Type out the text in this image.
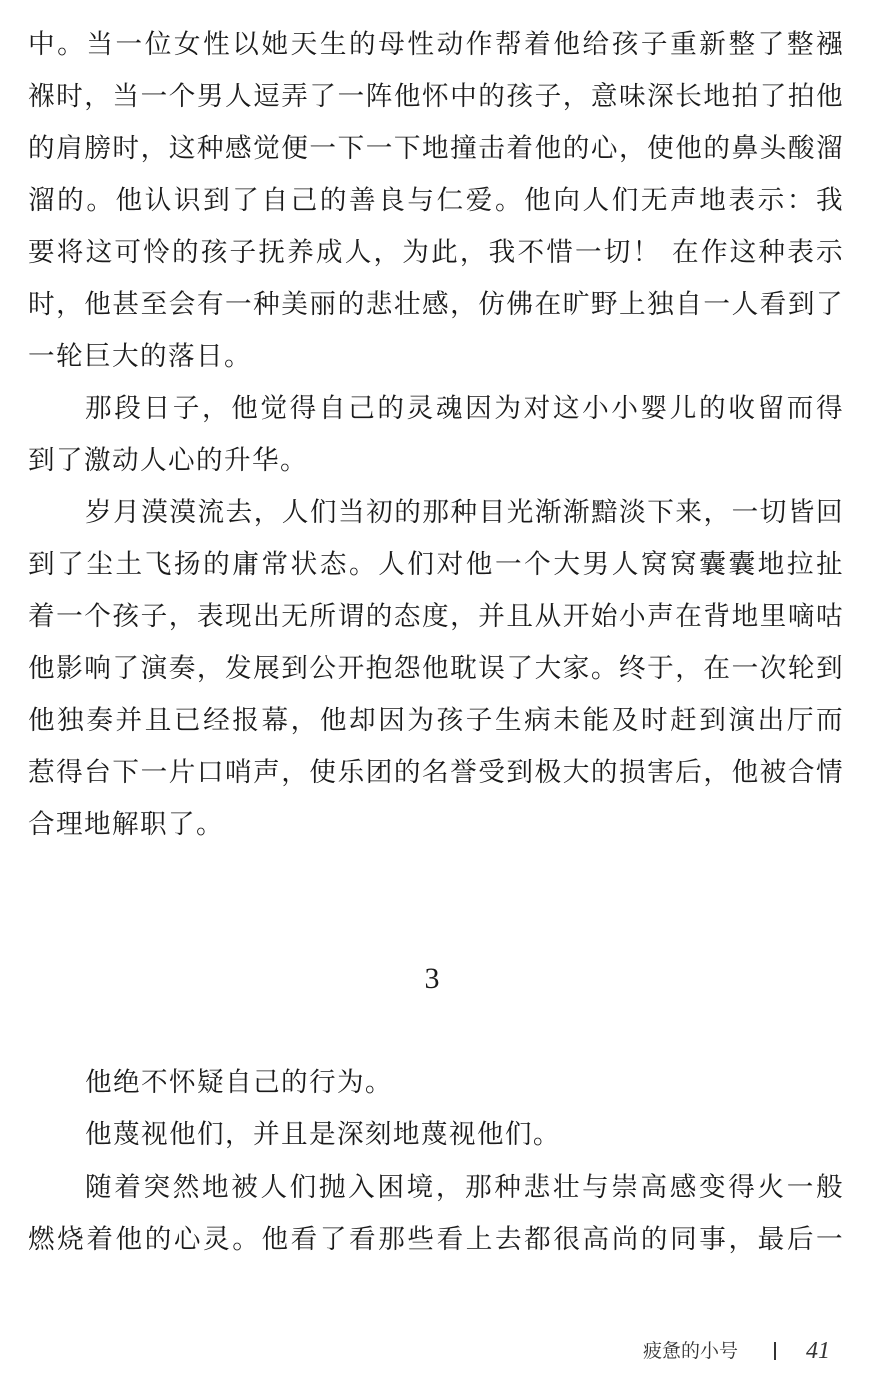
中。当一位女性以她天生的母性动作帮着他给孩子重新整了整襁
褓时，当一个男人逗弄了一阵他怀中的孩子，意味深长地拍了拍他
的肩膀时，这种感觉便一下一下地撞击着他的心，使他的鼻头酸溜
溜的。他认识到了自己的善良与仁爱。他向人们无声地表示：我
要将这可怜的孩子抚养成人，为此，我不惜一切！ 在作这种表示
时，他甚至会有一种美丽的悲壮感，仿佛在旷野上独自一人看到了
一轮巨大的落日。
那段日子，他觉得自己的灵魂因为对这小小婴儿的收留而得
到了激动人心的升华。
岁月漠漠流去，人们当初的那种目光渐渐黯淡下来，一切皆回
到了尘土飞扬的庸常状态。人们对他一个大男人窝窝囊囊地拉扯
着一个孩子，表现出无所谓的态度，并且从开始小声在背地里嘀咕
他影响了演奏，发展到公开抱怨他耽误了大家。终于，在一次轮到
他独奏并且已经报幕，他却因为孩子生病未能及时赶到演出厅而
惹得台下一片口哨声，使乐团的名誉受到极大的损害后，他被合情
合理地解职了。
3
他绝不怀疑自己的行为。
他蔑视他们，并且是深刻地蔑视他们。
随着突然地被人们抛入困境，那种悲壮与崇高感变得火一般
燃烧着他的心灵。他看了看那些看上去都很高尚的同事，最后一
疲惫的小号	41
